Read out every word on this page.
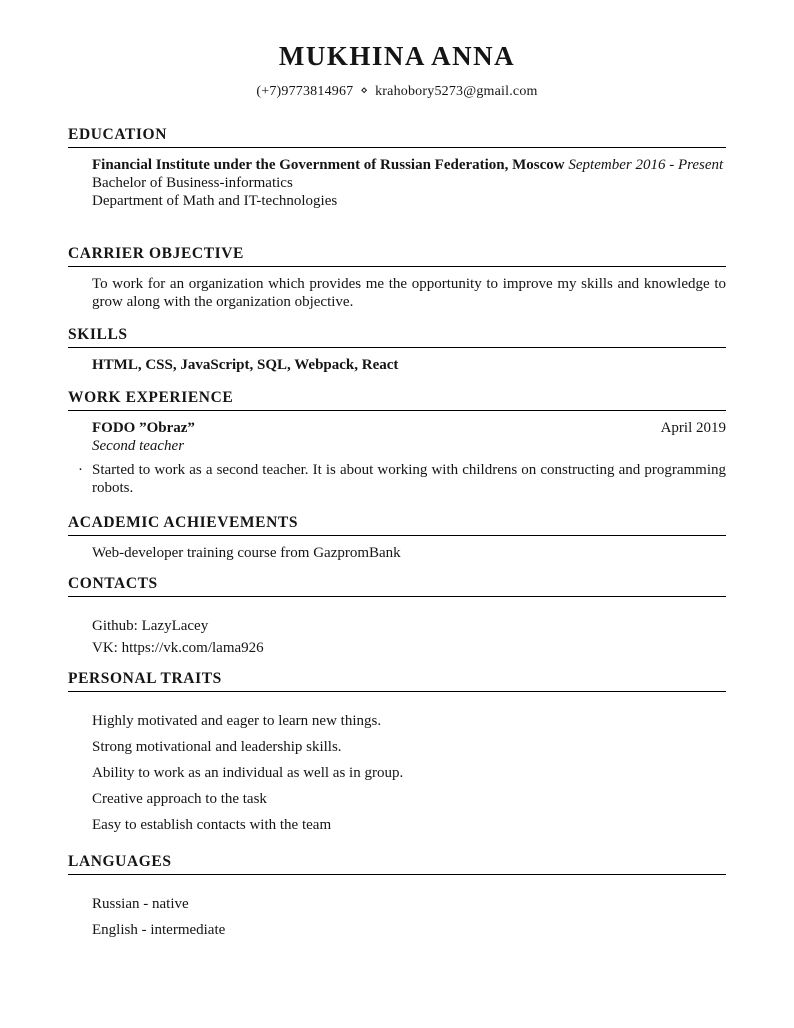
MUKHINA ANNA
(+7)9773814967 ⋄ krahobory5273@gmail.com
EDUCATION

Financial Institute under the Government of Russian Federation, Moscow September 2016 - Present

Bachelor of Business-informatics

Department of Math and IT-technologies

CARRIER OBJECTIVE

To work for an organization which provides me the opportunity to improve my skills and knowledge to grow along with the organization objective.

SKILLS

HTML, CSS, JavaScript, SQL, Webpack, React

WORK EXPERIENCE
FODO ”Obraz”	April 2019

Second teacher

· Started to work as a second teacher. It is about working with childrens on constructing and programming robots.
ACADEMIC ACHIEVEMENTS

Web-developer training course from GazpromBank

CONTACTS

Github: LazyLacey

VK: https://vk.com/lama926

PERSONAL TRAITS

Highly motivated and eager to learn new things.

Strong motivational and leadership skills.

Ability to work as an individual as well as in group.

Creative approach to the task

Easy to establish contacts with the team

LANGUAGES

Russian - native

English - intermediate
